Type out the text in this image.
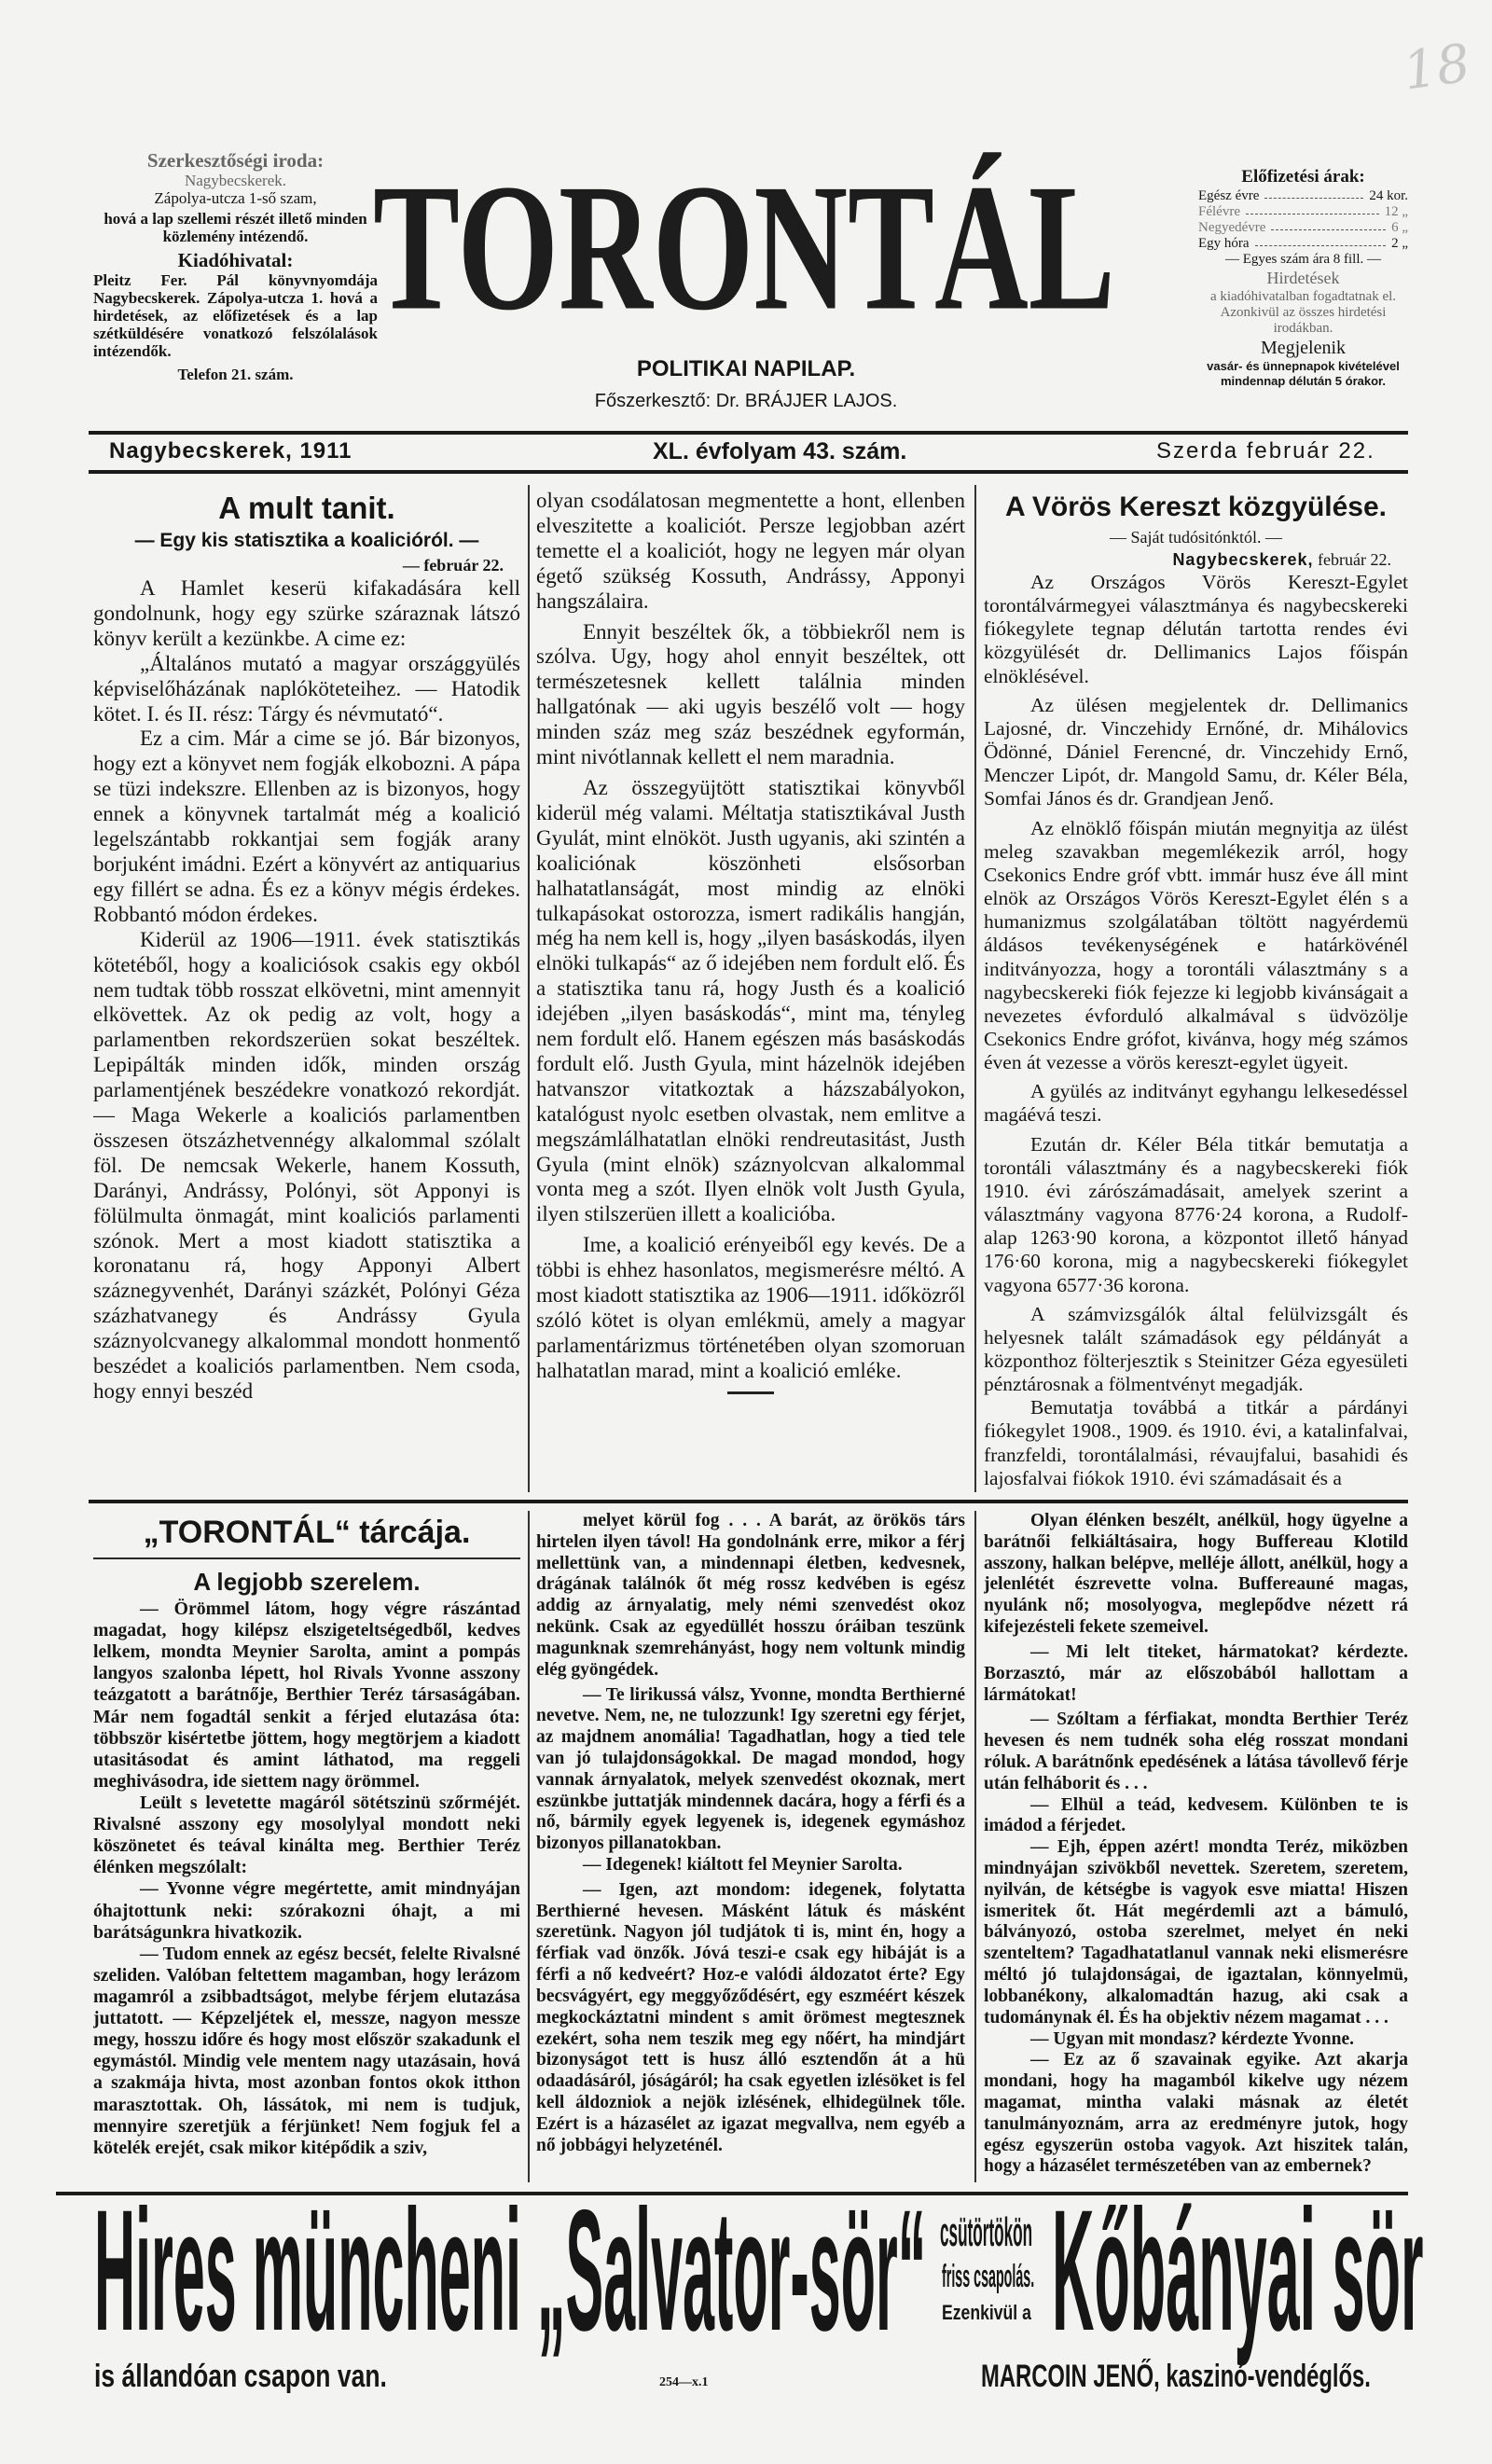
18
Szerkesztőségi iroda:
Nagybecskerek.
Zápolya-utcza 1-ső szam,
hová a lap szellemi részét illető minden közlemény intézendő.
Kiadóhivatal:
Pleitz Fer. Pál könyvnyomdája Nagybecskerek. Zápolya-utcza 1. hová a hirdetések, az előfizetések és a lap szétküldésére vonatkozó felszólalások intézendők.
Telefon 21. szám.
TORONTÁL
POLITIKAI NAPILAP.
Főszerkesztő: Dr. BRÁJJER LAJOS.
Előfizetési árak:
Egész évre	24 kor.
Félévre	12 „
Negyedévre	6 „
Egy hóra	2 „
— Egyes szám ára 8 fill. —
Hirdetések
a kiadóhivatalban fogadtatnak el. Azonkivül az összes hirdetési irodákban.
Megjelenik
vasár- és ünnepnapok kivételével mindennap délután 5 órakor.
Nagybecskerek, 1911	XL. évfolyam 43. szám.	Szerda február 22.
A mult tanit.
— Egy kis statisztika a koalicióról. —
— február 22.

A Hamlet keserü kifakadására kell gondolnunk, hogy egy szürke száraznak látszó könyv került a kezünkbe. A cime ez:

„Általános mutató a magyar országgyülés képviselőházának naplóköteteihez. — Hatodik kötet. I. és II. rész: Tárgy és névmutató“.

Ez a cim. Már a cime se jó. Bár bizonyos, hogy ezt a könyvet nem fogják elkobozni. A pápa se tüzi indekszre. Ellenben az is bizonyos, hogy ennek a könyvnek tartalmát még a koalició legelszántabb rokkantjai sem fogják arany borjuként imádni. Ezért a könyvért az antiquarius egy fillért se adna. És ez a könyv mégis érdekes. Robbantó módon érdekes.

Kiderül az 1906—1911. évek statisztikás kötetéből, hogy a koaliciósok csakis egy okból nem tudtak több rosszat elkövetni, mint amennyit elkövettek. Az ok pedig az volt, hogy a parlamentben rekordszerüen sokat beszéltek. Lepipálták minden idők, minden ország parlamentjének beszédekre vonatkozó rekordját. — Maga Wekerle a koaliciós parlamentben összesen ötszázhetvennégy alkalommal szólalt föl. De nemcsak Wekerle, hanem Kossuth, Darányi, Andrássy, Polónyi, söt Apponyi is fölülmulta önmagát, mint koaliciós parlamenti szónok. Mert a most kiadott statisztika a koronatanu rá, hogy Apponyi Albert száznegyvenhét, Darányi százkét, Polónyi Géza százhatvanegy és Andrássy Gyula száznyolcvanegy alkalommal mondott honmentő beszédet a koaliciós parlamentben. Nem csoda, hogy ennyi beszéd

olyan csodálatosan megmentette a hont, ellenben elveszitette a koaliciót. Persze legjobban azért temette el a koaliciót, hogy ne legyen már olyan égető szükség Kossuth, Andrássy, Apponyi hangszálaira.

Ennyit beszéltek ők, a többiekről nem is szólva. Ugy, hogy ahol ennyit beszéltek, ott természetesnek kellett találnia minden hallgatónak — aki ugyis beszélő volt — hogy minden száz meg száz beszédnek egyformán, mint nivótlannak kellett el nem maradnia.

Az összegyüjtött statisztikai könyvből kiderül még valami. Méltatja statisztikával Justh Gyulát, mint elnököt. Justh ugyanis, aki szintén a koaliciónak köszönheti elsősorban halhatatlanságát, most mindig az elnöki tulkapásokat ostorozza, ismert radikális hangján, még ha nem kell is, hogy „ilyen basáskodás, ilyen elnöki tulkapás“ az ő idejében nem fordult elő. És a statisztika tanu rá, hogy Justh és a koalició idejében „ilyen basáskodás“, mint ma, tényleg nem fordult elő. Hanem egészen más basáskodás fordult elő. Justh Gyula, mint házelnök idejében hatvanszor vitatkoztak a házszabályokon, katalógust nyolc esetben olvastak, nem emlitve a megszámlálhatatlan elnöki rendreutasitást, Justh Gyula (mint elnök) száznyolcvan alkalommal vonta meg a szót. Ilyen elnök volt Justh Gyula, ilyen stilszerüen illett a koalicióba.

Ime, a koalició erényeiből egy kevés. De a többi is ehhez hasonlatos, megismerésre méltó. A most kiadott statisztika az 1906—1911. időközről szóló kötet is olyan emlékmü, amely a magyar parlamentárizmus történetében olyan szomoruan halhatatlan marad, mint a koalició emléke.

A Vörös Kereszt közgyülése.
— Saját tudósitónktól. —
Nagybecskerek, február 22.

Az Országos Vörös Kereszt-Egylet torontálvármegyei választmánya és nagybecskereki fiókegylete tegnap délután tartotta rendes évi közgyülését dr. Dellimanics Lajos főispán elnöklésével.

Az ülésen megjelentek dr. Dellimanics Lajosné, dr. Vinczehidy Ernőné, dr. Mihálovics Ödönné, Dániel Ferencné, dr. Vinczehidy Ernő, Menczer Lipót, dr. Mangold Samu, dr. Kéler Béla, Somfai János és dr. Grandjean Jenő.

Az elnöklő főispán miután megnyitja az ülést meleg szavakban megemlékezik arról, hogy Csekonics Endre gróf vbtt. immár husz éve áll mint elnök az Országos Vörös Kereszt-Egylet élén s a humanizmus szolgálatában töltött nagyérdemü áldásos tevékenységének e határkövénél inditványozza, hogy a torontáli választmány s a nagybecskereki fiók fejezze ki legjobb kivánságait a nevezetes évforduló alkalmával s üdvözölje Csekonics Endre grófot, kivánva, hogy még számos éven át vezesse a vörös kereszt-egylet ügyeit.

A gyülés az inditványt egyhangu lelkesedéssel magáévá teszi.

Ezután dr. Kéler Béla titkár bemutatja a torontáli választmány és a nagybecskereki fiók 1910. évi zárószámadásait, amelyek szerint a választmány vagyona 8776·24 korona, a Rudolf-alap 1263·90 korona, a központot illető hányad 176·60 korona, mig a nagybecskereki fiókegylet vagyona 6577·36 korona.

A számvizsgálók által felülvizsgált és helyesnek talált számadások egy példányát a központhoz fölterjesztik s Steinitzer Géza egyesületi pénztárosnak a fölmentvényt megadják.

Bemutatja továbbá a titkár a párdányi fiókegylet 1908., 1909. és 1910. évi, a katalinfalvai, franzfeldi, torontálalmási, révaujfalui, basahidi és lajosfalvai fiókok 1910. évi számadásait és a

„TORONTÁL“ tárcája.
A legjobb szerelem.

— Örömmel látom, hogy végre rászántad magadat, hogy kilépsz elszigeteltségedből, kedves lelkem, mondta Meynier Sarolta, amint a pompás langyos szalonba lépett, hol Rivals Yvonne asszony teázgatott a barátnője, Berthier Teréz társaságában. Már nem fogadtál senkit a férjed elutazása óta: többször kisértetbe jöttem, hogy megtörjem a kiadott utasitásodat és amint láthatod, ma reggeli meghivásodra, ide siettem nagy örömmel.

Leült s levetette magáról sötétszinü szőrméjét. Rivalsné asszony egy mosolylyal mondott neki köszönetet és teával kinálta meg. Berthier Teréz élénken megszólalt:

— Yvonne végre megértette, amit mindnyájan óhajtottunk neki: szórakozni óhajt, a mi barátságunkra hivatkozik.

— Tudom ennek az egész becsét, felelte Rivalsné szeliden. Valóban feltettem magamban, hogy lerázom magamról a zsibbadtságot, melybe férjem elutazása juttatott. — Képzeljétek el, messze, nagyon messze megy, hosszu időre és hogy most először szakadunk el egymástól. Mindig vele mentem nagy utazásain, hová a szakmája hivta, most azonban fontos okok itthon marasztottak. Oh, lássátok, mi nem is tudjuk, mennyire szeretjük a férjünket! Nem fogjuk fel a kötelék erejét, csak mikor kitépődik a sziv,

melyet körül fog . . . A barát, az örökös társ hirtelen ilyen távol! Ha gondolnánk erre, mikor a férj mellettünk van, a mindennapi életben, kedvesnek, drágának találnók őt még rossz kedvében is egész addig az árnyalatig, mely némi szenvedést okoz nekünk. Csak az egyedüllét hosszu óráiban teszünk magunknak szemrehányást, hogy nem voltunk mindig elég gyöngédek.

— Te lirikussá válsz, Yvonne, mondta Berthierné nevetve. Nem, ne, ne tulozzunk! Igy szeretni egy férjet, az majdnem anomália! Tagadhatlan, hogy a tied tele van jó tulajdonságokkal. De magad mondod, hogy vannak árnyalatok, melyek szenvedést okoznak, mert eszünkbe juttatják mindennek dacára, hogy a férfi és a nő, bármily egyek legyenek is, idegenek egymáshoz bizonyos pillanatokban.

— Idegenek! kiáltott fel Meynier Sarolta.

— Igen, azt mondom: idegenek, folytatta Berthierné hevesen. Másként látuk és másként szeretünk. Nagyon jól tudjátok ti is, mint én, hogy a férfiak vad önzők. Jóvá teszi-e csak egy hibáját is a férfi a nő kedveért? Hoz-e valódi áldozatot érte? Egy becsvágyért, egy meggyőződésért, egy eszméért készek megkockáztatni mindent s amit örömest megtesznek ezekért, soha nem teszik meg egy nőért, ha mindjárt bizonyságot tett is husz álló esztendőn át a hü odaadásáról, jóságáról; ha csak egyetlen izlésöket is fel kell áldozniok a nejök izlésének, elhidegülnek tőle. Ezért is a házasélet az igazat megvallva, nem egyéb a nő jobbágyi helyzeténél.

Olyan élénken beszélt, anélkül, hogy ügyelne a barátnői felkiáltásaira, hogy Buffereau Klotild asszony, halkan belépve, melléje állott, anélkül, hogy a jelenlétét észrevette volna. Buffereauné magas, nyulánk nő; mosolyogva, meglepődve nézett rá kifejezésteli fekete szemeivel.

— Mi lelt titeket, hármatokat? kérdezte. Borzasztó, már az előszobából hallottam a lármátokat!

— Szóltam a férfiakat, mondta Berthier Teréz hevesen és nem tudnék soha elég rosszat mondani róluk. A barátnőnk epedésének a látása távollevő férje után felháborit és . . .

— Elhül a teád, kedvesem. Különben te is imádod a férjedet.

— Ejh, éppen azért! mondta Teréz, miközben mindnyájan szivökből nevettek. Szeretem, szeretem, nyilván, de kétségbe is vagyok esve miatta! Hiszen ismeritek őt. Hát megérdemli azt a bámuló, bálványozó, ostoba szerelmet, melyet én neki szenteltem? Tagadhatatlanul vannak neki elismerésre méltó jó tulajdonságai, de igaztalan, könnyelmü, lobbanékony, alkalomadtán hazug, aki csak a tudománynak él. És ha objektiv nézem magamat . . .

— Ugyan mit mondasz? kérdezte Yvonne.

— Ez az ő szavainak egyike. Azt akarja mondani, hogy ha magamból kikelve ugy nézem magamat, mintha valaki másnak az életét tanulmányoznám, arra az eredményre jutok, hogy egész egyszerün ostoba vagyok. Azt hiszitek talán, hogy a házasélet természetében van az embernek?

Hires müncheni „Salvator-sör“ csütörtökön
friss csapolás.
Ezenkivül a Kőbányai sör
is állandóan csapon van.	254—x.1	MARCOIN JENŐ, kaszinó-vendéglős.
